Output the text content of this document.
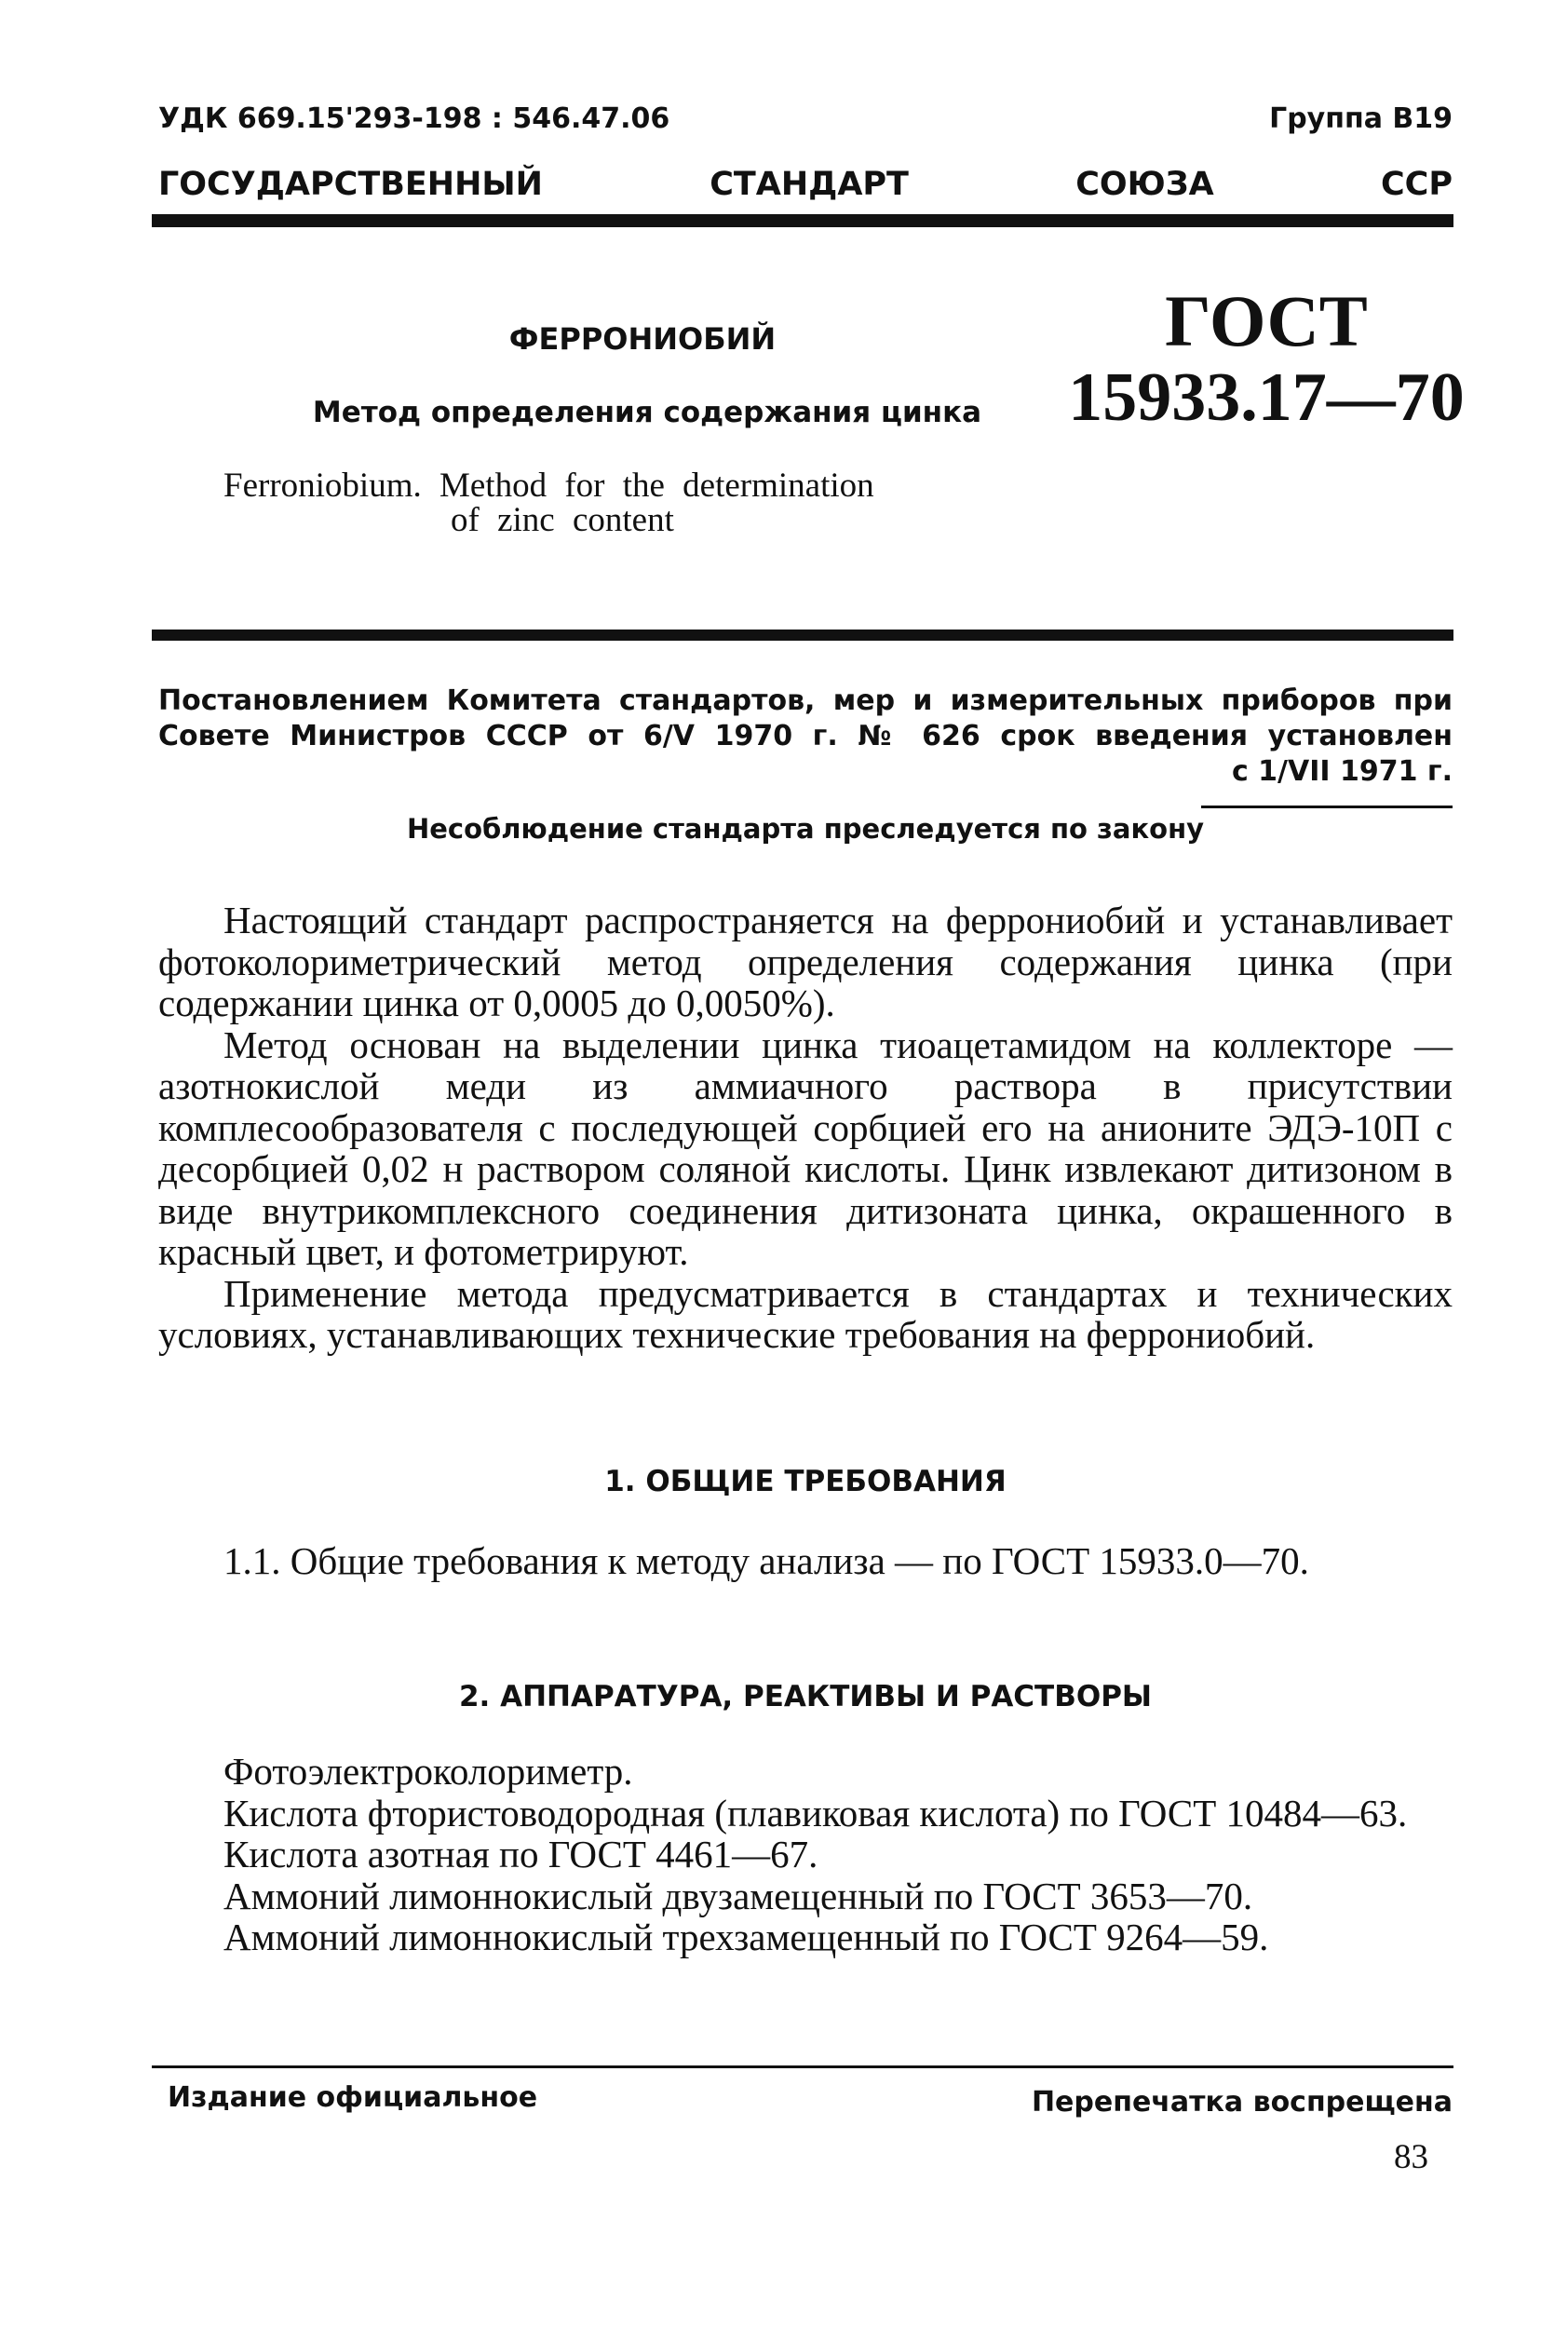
УДК 669.15'293-198 : 546.47.06	Группа В19
ГОСУДАРСТВЕННЫЙ	СТАНДАРТ	СОЮЗА	ССР
ФЕРРОНИОБИЙ
Метод определения содержания цинка
Ferroniobium. Method for the determination
of zinc content
ГОСТ
15933.17—70
Постановлением Комитета стандартов, мер и измерительных приборов при
Совете Министров СССР от 6/V 1970 г. № 626 срок введения установлен
с 1/VII 1971 г.
Несоблюдение стандарта преследуется по закону

Настоящий стандарт распространяется на феррониобий и устанавливает фотоколориметрический метод определения содержания цинка (при содержании цинка от 0,0005 до 0,0050%).

Метод основан на выделении цинка тиоацетамидом на коллекторе — азотнокислой меди из аммиачного раствора в присутствии комплесообразователя с последующей сорбцией его на анионите ЭДЭ-10П с десорбцией 0,02 н раствором соляной кислоты. Цинк извлекают дитизоном в виде внутрикомплексного соединения дитизоната цинка, окрашенного в красный цвет, и фотометрируют.

Применение метода предусматривается в стандартах и технических условиях, устанавливающих технические требования на феррониобий.

1. ОБЩИЕ ТРЕБОВАНИЯ

1.1. Общие требования к методу анализа — по ГОСТ 15933.0—70.

2. АППАРАТУРА, РЕАКТИВЫ И РАСТВОРЫ

Фотоэлектроколориметр.

Кислота фтористоводородная (плавиковая кислота) по ГОСТ 10484—63.

Кислота азотная по ГОСТ 4461—67.

Аммоний лимоннокислый двузамещенный по ГОСТ 3653—70.

Аммоний лимоннокислый трехзамещенный по ГОСТ 9264—59.

Издание официальное	Перепечатка воспрещена
83
